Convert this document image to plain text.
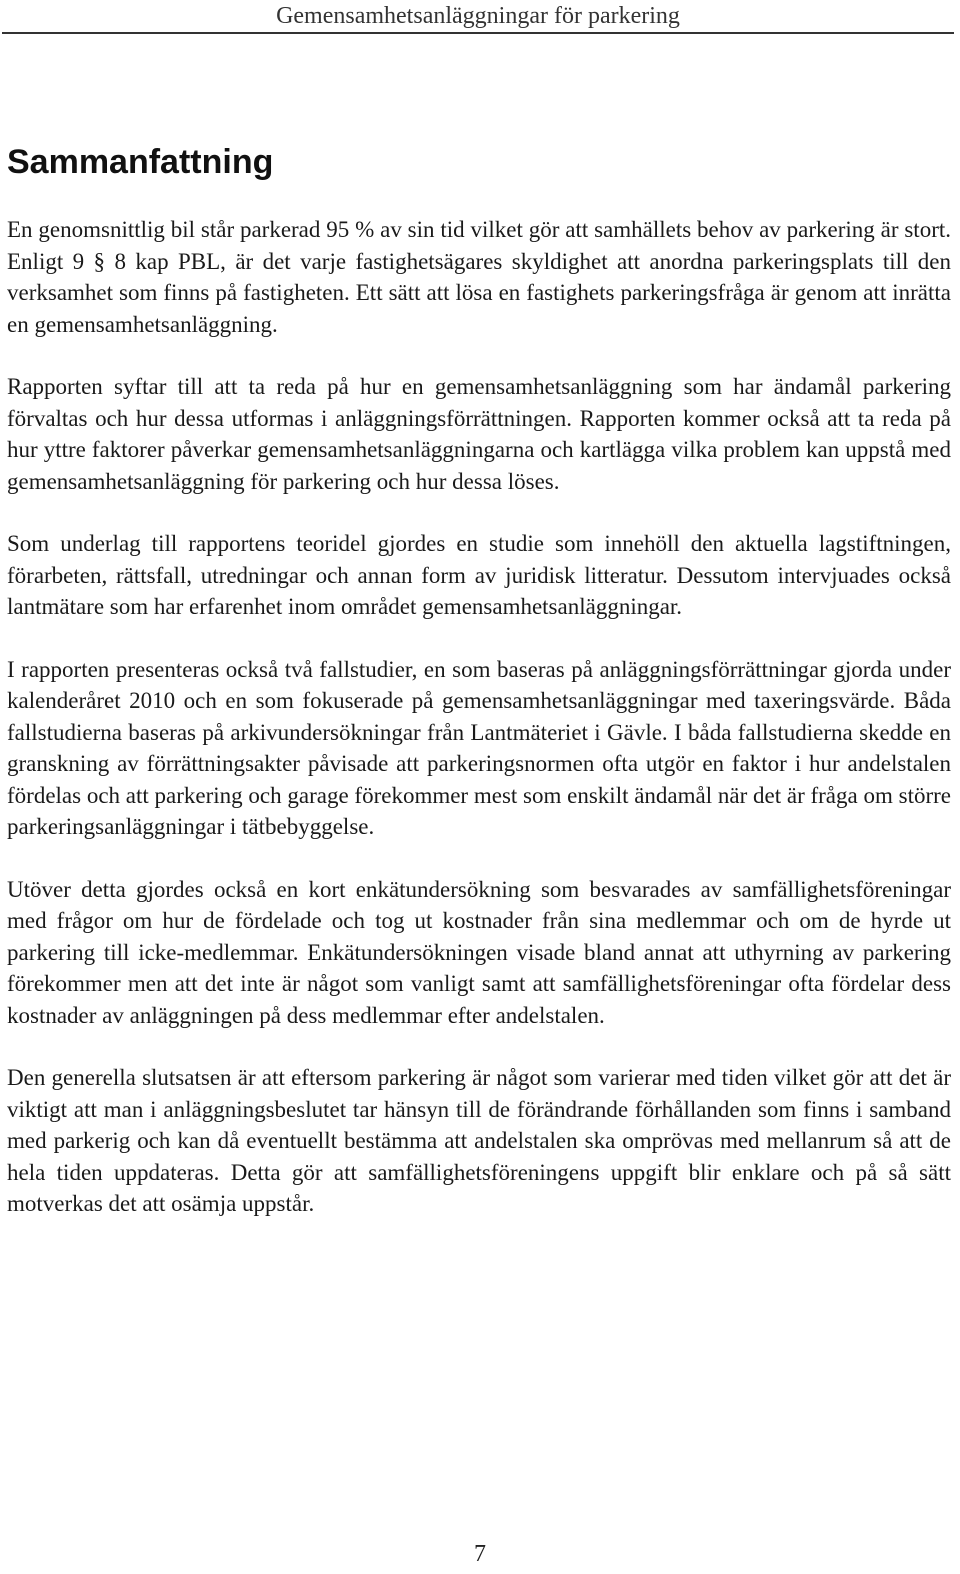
Gemensamhetsanläggningar för parkering
Sammanfattning

En genomsnittlig bil står parkerad 95 % av sin tid vilket gör att samhällets behov av parkering är stort. Enligt 9 § 8 kap PBL, är det varje fastighetsägares skyldighet att anordna parkeringsplats till den verksamhet som finns på fastigheten. Ett sätt att lösa en fastighets parkeringsfråga är genom att inrätta en gemensamhetsanläggning.

Rapporten syftar till att ta reda på hur en gemensamhetsanläggning som har ändamål parkering förvaltas och hur dessa utformas i anläggningsförrättningen. Rapporten kommer också att ta reda på hur yttre faktorer påverkar gemensamhetsanläggningarna och kartlägga vilka problem kan uppstå med gemensamhetsanläggning för parkering och hur dessa löses.

Som underlag till rapportens teoridel gjordes en studie som innehöll den aktuella lagstiftningen, förarbeten, rättsfall, utredningar och annan form av juridisk litteratur. Dessutom intervjuades också lantmätare som har erfarenhet inom området gemensamhetsanläggningar.

I rapporten presenteras också två fallstudier, en som baseras på anläggningsförrättningar gjorda under kalenderåret 2010 och en som fokuserade på gemensamhetsanläggningar med taxeringsvärde. Båda fallstudierna baseras på arkivundersökningar från Lantmäteriet i Gävle. I båda fallstudierna skedde en granskning av förrättningsakter påvisade att parkeringsnormen ofta utgör en faktor i hur andelstalen fördelas och att parkering och garage förekommer mest som enskilt ändamål när det är fråga om större parkeringsanläggningar i tätbebyggelse.

Utöver detta gjordes också en kort enkätundersökning som besvarades av samfällighetsföreningar med frågor om hur de fördelade och tog ut kostnader från sina medlemmar och om de hyrde ut parkering till icke-medlemmar. Enkätundersökningen visade bland annat att uthyrning av parkering förekommer men att det inte är något som vanligt samt att samfällighetsföreningar ofta fördelar dess kostnader av anläggningen på dess medlemmar efter andelstalen.

Den generella slutsatsen är att eftersom parkering är något som varierar med tiden vilket gör att det är viktigt att man i anläggningsbeslutet tar hänsyn till de förändrande förhållanden som finns i samband med parkerig och kan då eventuellt bestämma att andelstalen ska omprövas med mellanrum så att de hela tiden uppdateras. Detta gör att samfällighetsföreningens uppgift blir enklare och på så sätt motverkas det att osämja uppstår.

7
